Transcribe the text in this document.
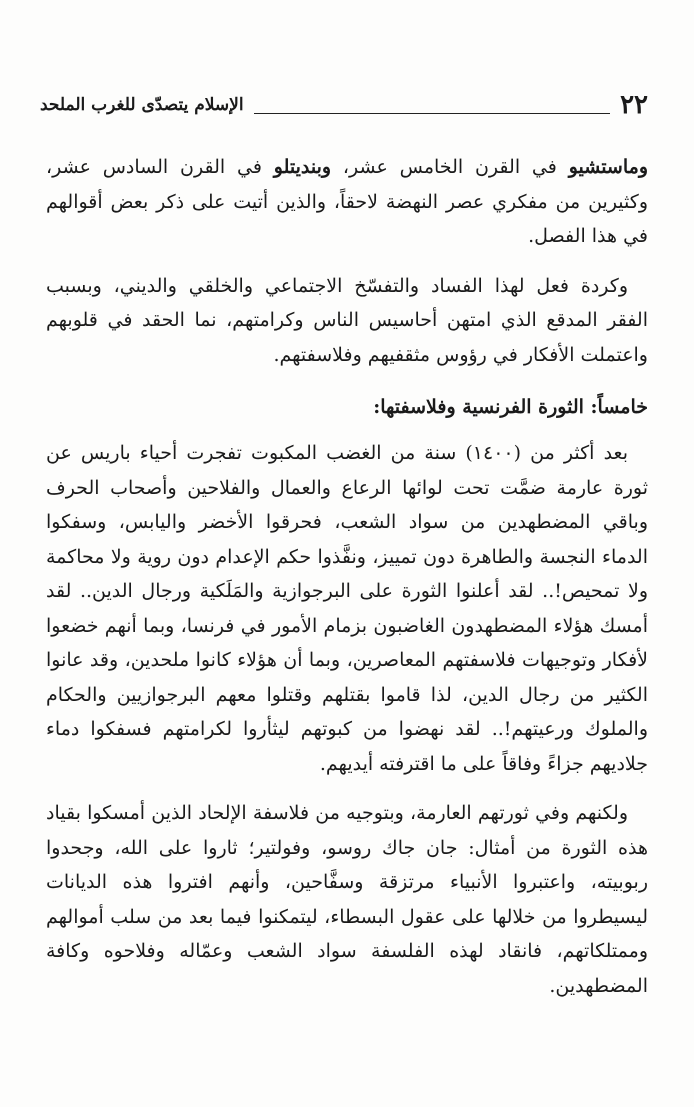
٢٢
الإسلام يتصدّى للغرب الملحد

وماستشيو في القرن الخامس عشر، وبنديتلو في القرن السادس عشر، وكثيرين من مفكري عصر النهضة لاحقاً، والذين أتيت على ذكر بعض أقوالهم في هذا الفصل.

وكردة فعل لهذا الفساد والتفسّخ الاجتماعي والخلقي والديني، وبسبب الفقر المدقع الذي امتهن أحاسيس الناس وكرامتهم، نما الحقد في قلوبهم واعتملت الأفكار في رؤوس مثقفيهم وفلاسفتهم.

خامساً: الثورة الفرنسية وفلاسفتها:

بعد أكثر من (١٤٠٠) سنة من الغضب المكبوت تفجرت أحياء باريس عن ثورة عارمة ضمَّت تحت لوائها الرعاع والعمال والفلاحين وأصحاب الحرف وباقي المضطهدين من سواد الشعب، فحرقوا الأخضر واليابس، وسفكوا الدماء النجسة والطاهرة دون تمييز، ونفَّذوا حكم الإعدام دون روية ولا محاكمة ولا تمحيص!.. لقد أعلنوا الثورة على البرجوازية والمَلَكية ورجال الدين.. لقد أمسك هؤلاء المضطهدون الغاضبون بزمام الأمور في فرنسا، وبما أنهم خضعوا لأفكار وتوجيهات فلاسفتهم المعاصرين، وبما أن هؤلاء كانوا ملحدين، وقد عانوا الكثير من رجال الدين، لذا قاموا بقتلهم وقتلوا معهم البرجوازيين والحكام والملوك ورعيتهم!.. لقد نهضوا من كبوتهم ليثأروا لكرامتهم فسفكوا دماء جلاديهم جزاءً وفاقاً على ما اقترفته أيديهم.

ولكنهم وفي ثورتهم العارمة، وبتوجيه من فلاسفة الإلحاد الذين أمسكوا بقياد هذه الثورة من أمثال: جان جاك روسو، وفولتير؛ ثاروا على الله، وجحدوا ربوبيته، واعتبروا الأنبياء مرتزقة وسفَّاحين، وأنهم افتروا هذه الديانات ليسيطروا من خلالها على عقول البسطاء، ليتمكنوا فيما بعد من سلب أموالهم وممتلكاتهم، فانقاد لهذه الفلسفة سواد الشعب وعمّاله وفلاحوه وكافة المضطهدين.
